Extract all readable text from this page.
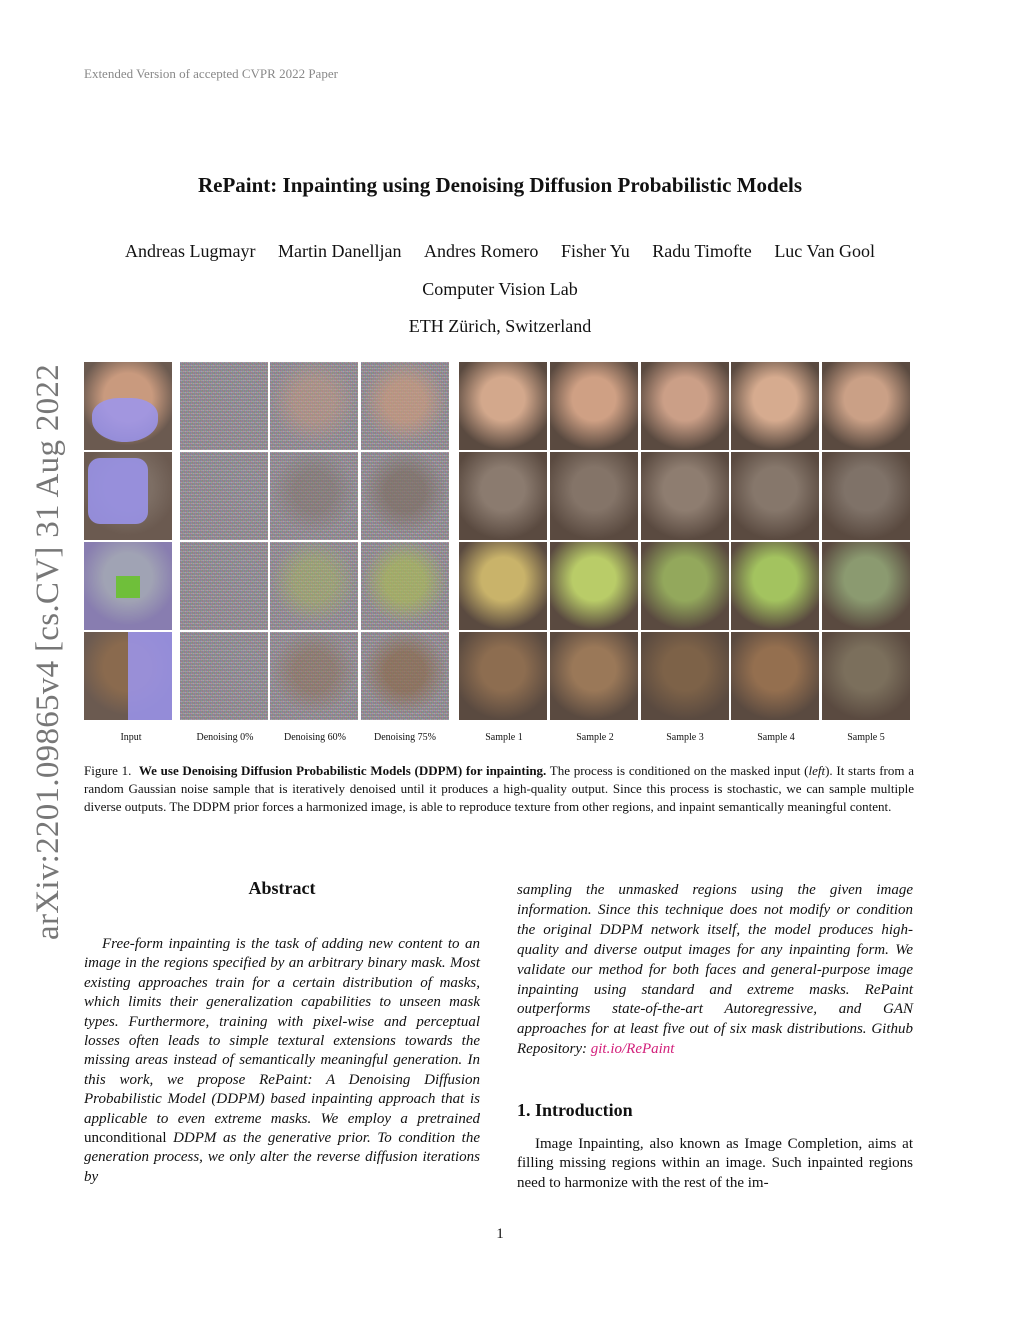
Extended Version of accepted CVPR 2022 Paper
arXiv:2201.09865v4 [cs.CV] 31 Aug 2022
RePaint: Inpainting using Denoising Diffusion Probabilistic Models
Andreas Lugmayr Martin Danelljan Andres Romero Fisher Yu Radu Timofte Luc Van Gool
Computer Vision Lab
ETH Zürich, Switzerland
Input	Denoising 0%	Denoising 60%	Denoising 75%	Sample 1	Sample 2	Sample 3	Sample 4	Sample 5
Figure 1. We use Denoising Diffusion Probabilistic Models (DDPM) for inpainting. The process is conditioned on the masked input (left). It starts from a random Gaussian noise sample that is iteratively denoised until it produces a high-quality output. Since this process is stochastic, we can sample multiple diverse outputs. The DDPM prior forces a harmonized image, is able to reproduce texture from other regions, and inpaint semantically meaningful content.
Abstract
Free-form inpainting is the task of adding new content to an image in the regions specified by an arbitrary binary mask. Most existing approaches train for a certain distribution of masks, which limits their generalization capabilities to unseen mask types. Furthermore, training with pixel-wise and perceptual losses often leads to simple textural extensions towards the missing areas instead of semantically meaningful generation. In this work, we propose RePaint: A Denoising Diffusion Probabilistic Model (DDPM) based inpainting approach that is applicable to even extreme masks. We employ a pretrained unconditional DDPM as the generative prior. To condition the generation process, we only alter the reverse diffusion iterations by
sampling the unmasked regions using the given image information. Since this technique does not modify or condition the original DDPM network itself, the model produces high-quality and diverse output images for any inpainting form. We validate our method for both faces and general-purpose image inpainting using standard and extreme masks. RePaint outperforms state-of-the-art Autoregressive, and GAN approaches for at least five out of six mask distributions. Github Repository: git.io/RePaint
1. Introduction
Image Inpainting, also known as Image Completion, aims at filling missing regions within an image. Such inpainted regions need to harmonize with the rest of the im-
1
